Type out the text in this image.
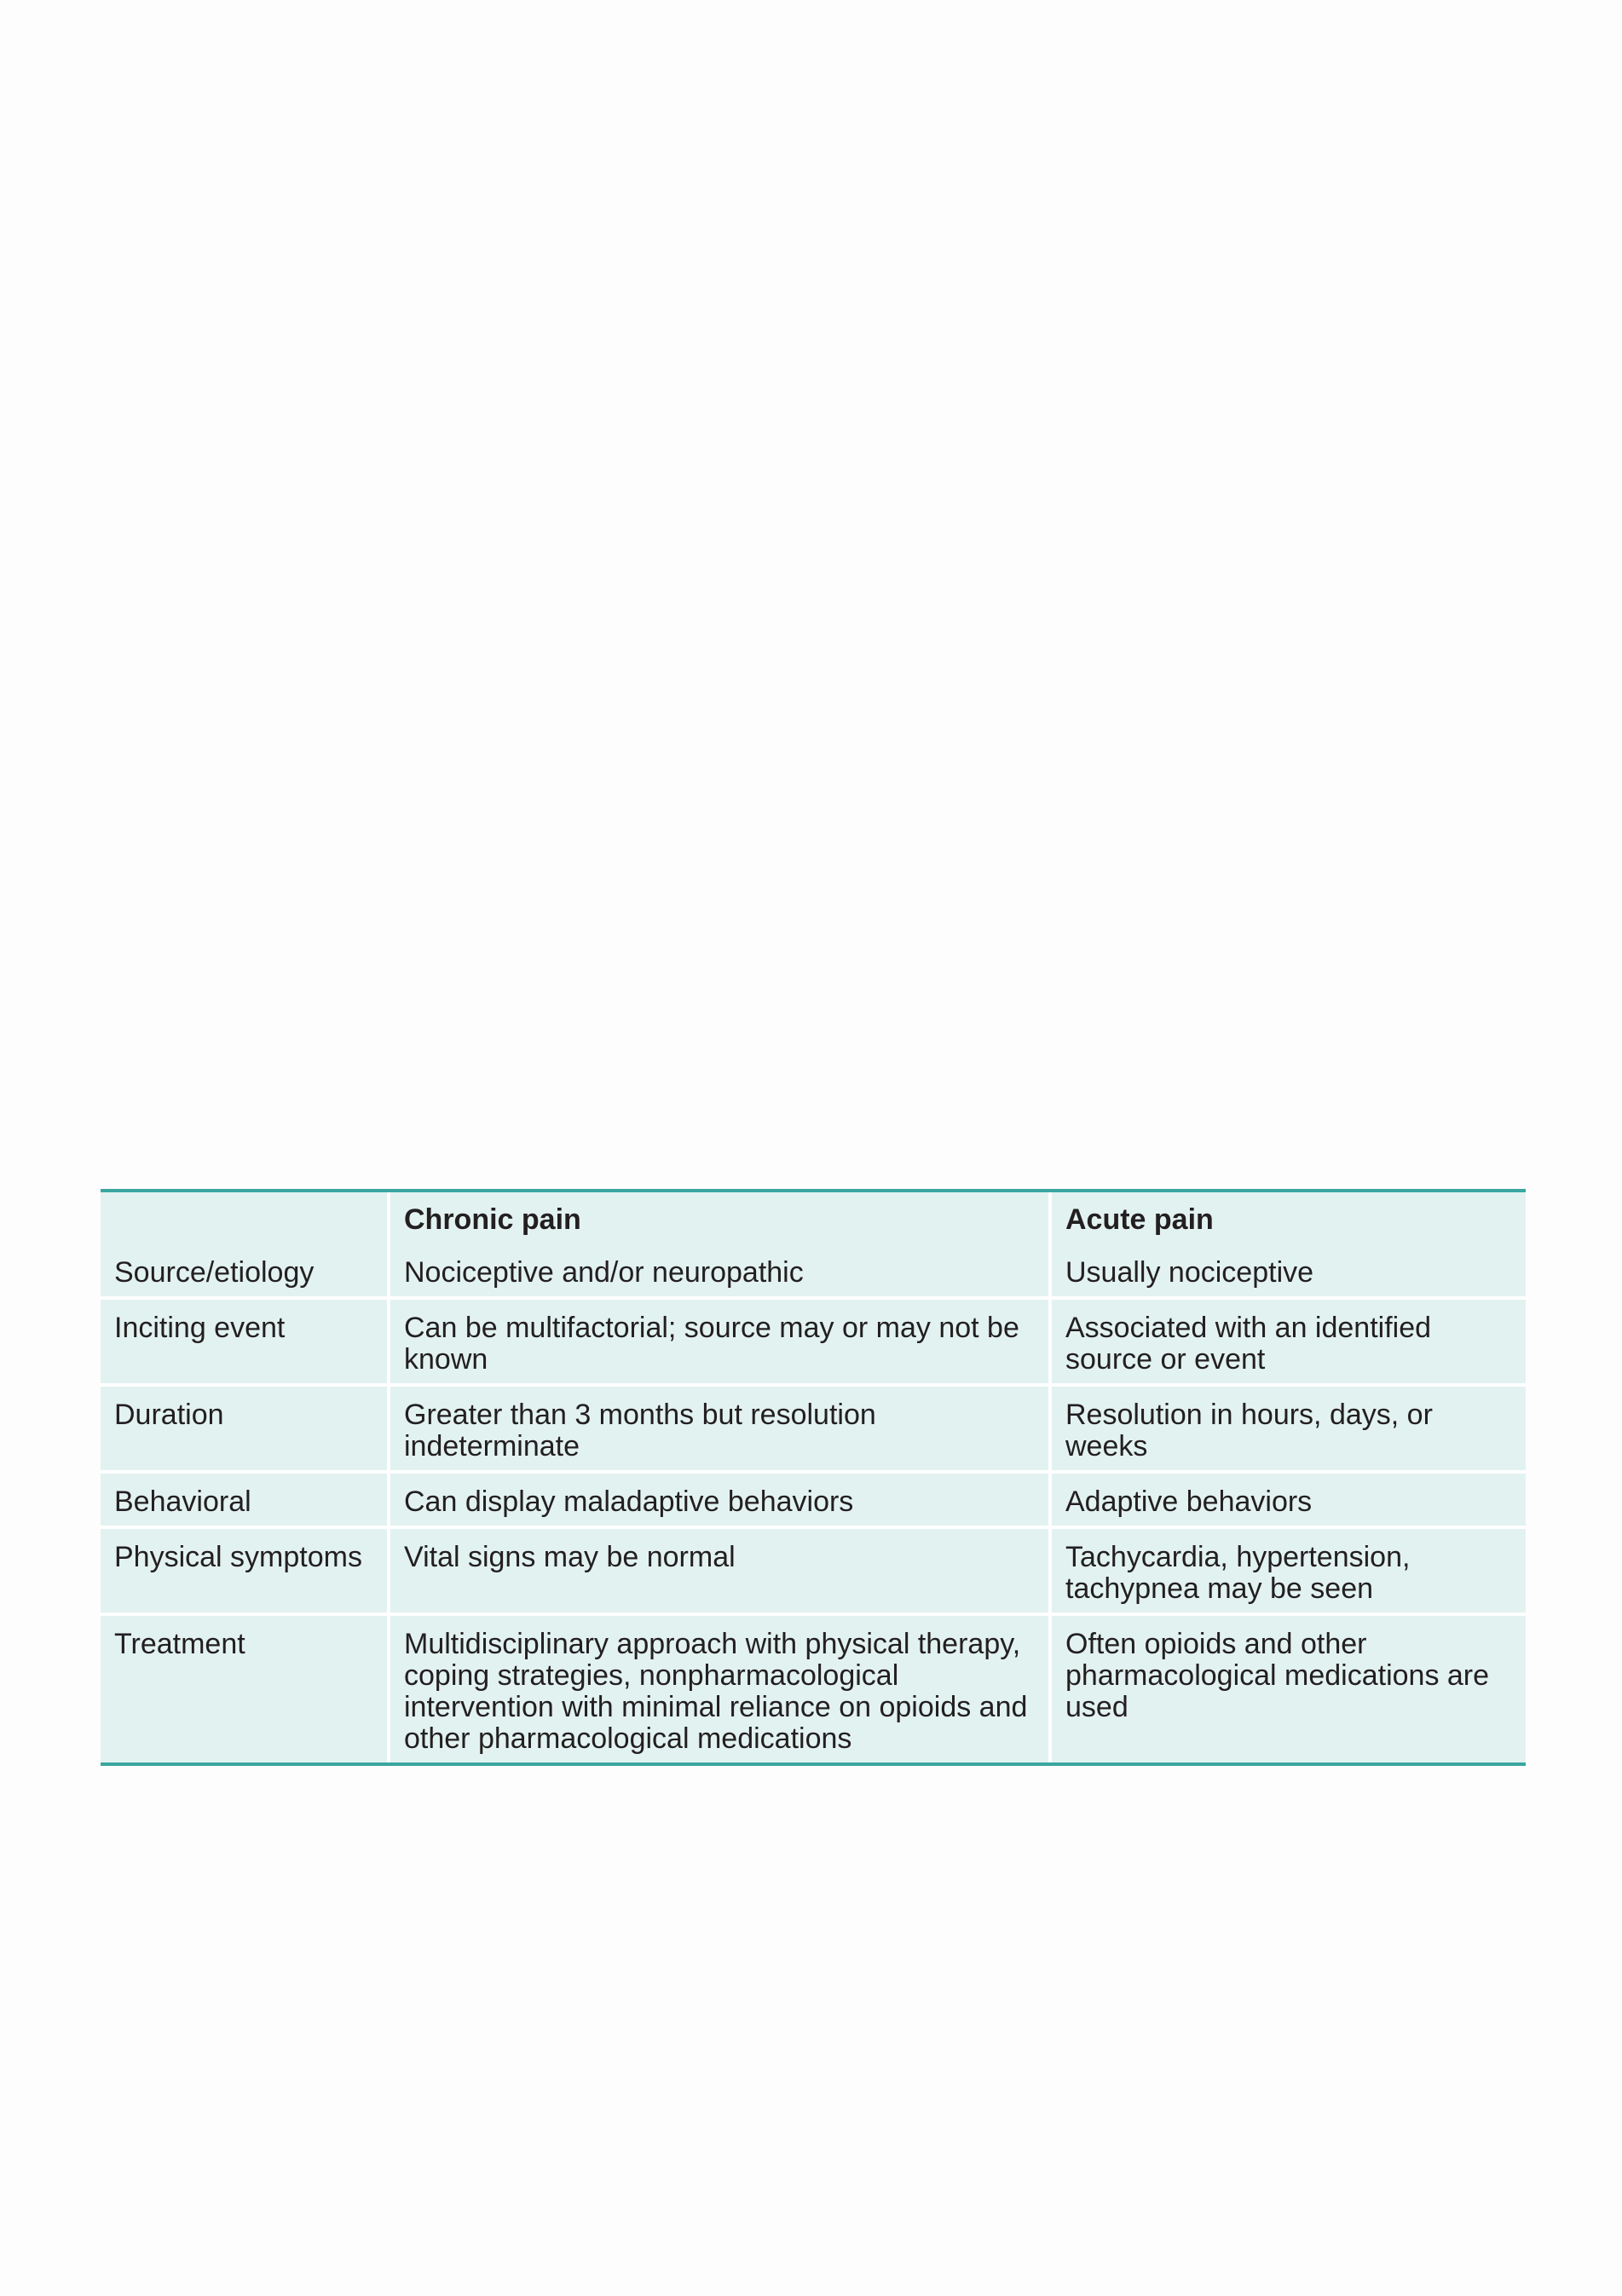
	Chronic pain	Acute pain
Source/etiology	Nociceptive and/or neuropathic	Usually nociceptive
Inciting event	Can be multifactorial; source may or may not be known	Associated with an identified source or event
Duration	Greater than 3 months but resolution indeterminate	Resolution in hours, days, or weeks
Behavioral	Can display maladaptive behaviors	Adaptive behaviors
Physical symptoms	Vital signs may be normal	Tachycardia, hypertension, tachypnea may be seen
Treatment	Multidisciplinary approach with physical therapy, coping strategies, nonpharmacological intervention with minimal reliance on opioids and other pharmacological medications	Often opioids and other pharmacological medications are used
